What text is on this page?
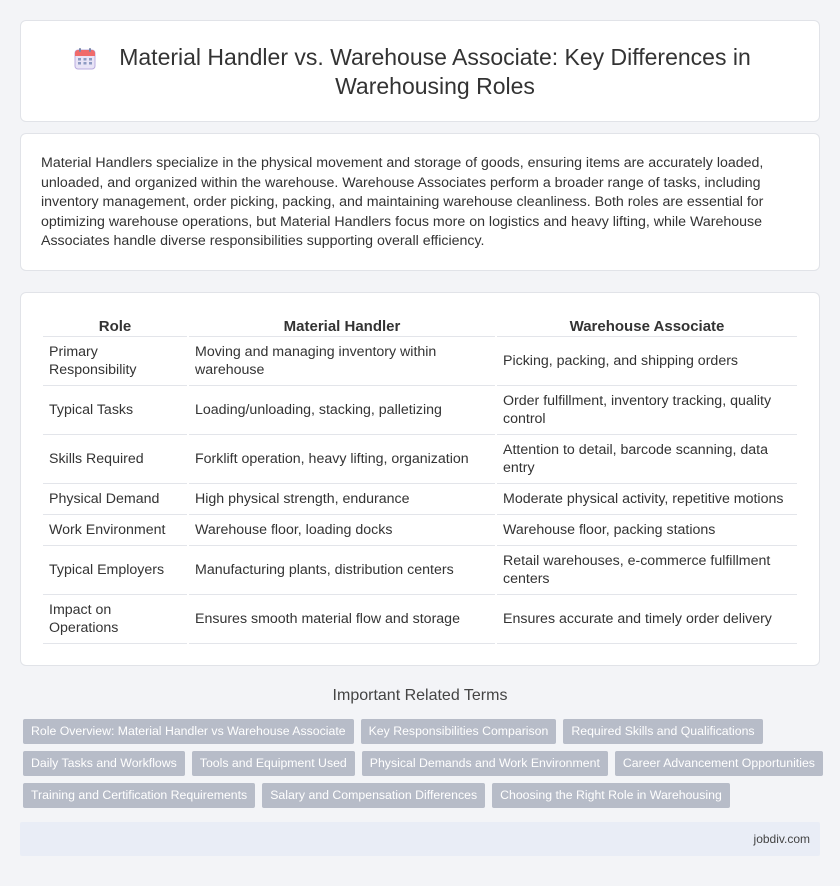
Material Handler vs. Warehouse Associate: Key Differences in Warehousing Roles

Material Handlers specialize in the physical movement and storage of goods, ensuring items are accurately loaded, unloaded, and organized within the warehouse. Warehouse Associates perform a broader range of tasks, including inventory management, order picking, packing, and maintaining warehouse cleanliness. Both roles are essential for optimizing warehouse operations, but Material Handlers focus more on logistics and heavy lifting, while Warehouse Associates handle diverse responsibilities supporting overall efficiency.

Role	Material Handler	Warehouse Associate
Primary Responsibility	Moving and managing inventory within warehouse	Picking, packing, and shipping orders
Typical Tasks	Loading/unloading, stacking, palletizing	Order fulfillment, inventory tracking, quality control
Skills Required	Forklift operation, heavy lifting, organization	Attention to detail, barcode scanning, data entry
Physical Demand	High physical strength, endurance	Moderate physical activity, repetitive motions
Work Environment	Warehouse floor, loading docks	Warehouse floor, packing stations
Typical Employers	Manufacturing plants, distribution centers	Retail warehouses, e-commerce fulfillment centers
Impact on Operations	Ensures smooth material flow and storage	Ensures accurate and timely order delivery
Important Related Terms
Role Overview: Material Handler vs Warehouse Associate	Key Responsibilities Comparison	Required Skills and Qualifications
Daily Tasks and Workflows	Tools and Equipment Used	Physical Demands and Work Environment	Career Advancement Opportunities
Training and Certification Requirements	Salary and Compensation Differences	Choosing the Right Role in Warehousing
jobdiv.com
